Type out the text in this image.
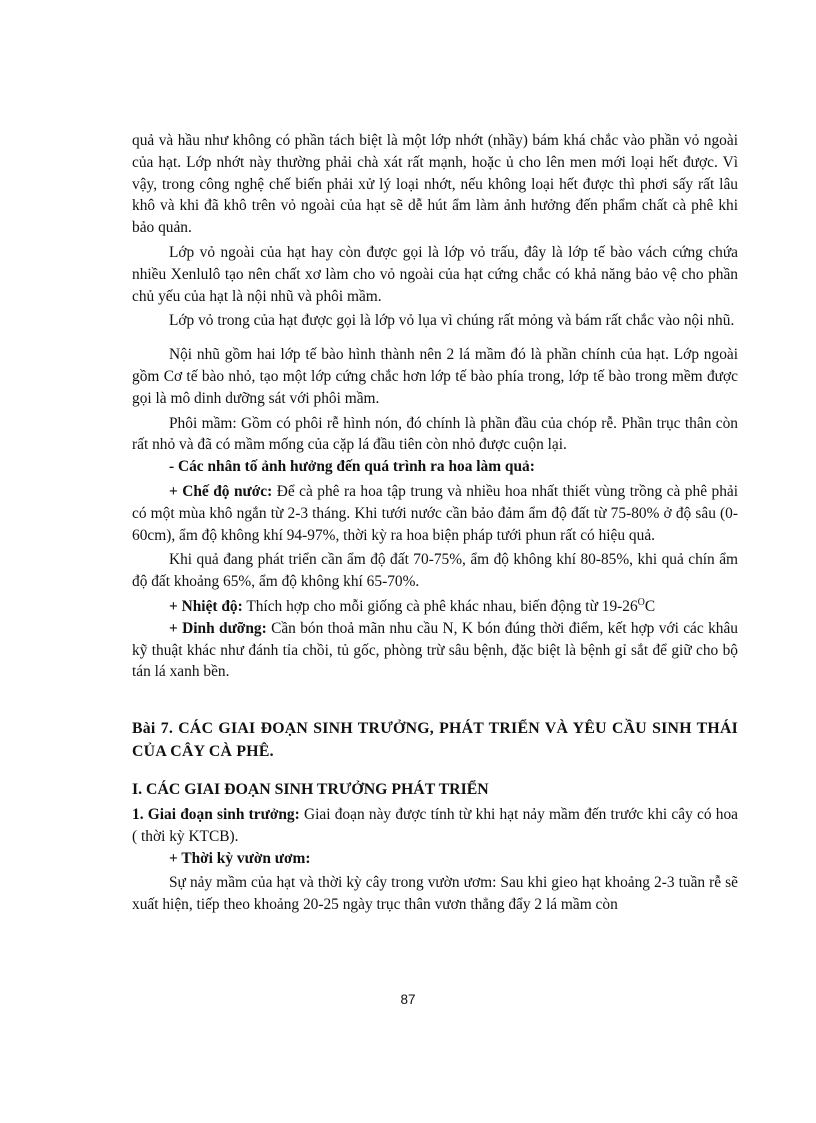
quả và hầu như không có phần tách biệt là một lớp nhớt (nhầy) bám khá chắc vào phần vỏ ngoài của hạt. Lớp nhớt này thường phải chà xát rất mạnh, hoặc ủ cho lên men mới loại hết được. Vì vậy, trong công nghệ chế biến phải xử lý loại nhớt, nếu không loại hết được thì phơi sấy rất lâu khô và khi đã khô trên vỏ ngoài của hạt sẽ dễ hút ẩm làm ảnh hưởng đến phẩm chất cà phê khi bảo quản.

Lớp vỏ ngoài của hạt hay còn được gọi là lớp vỏ trấu, đây là lớp tế bào vách cứng chứa nhiều Xenlulô tạo nên chất xơ làm cho vỏ ngoài của hạt cứng chắc có khả năng bảo vệ cho phần chủ yếu của hạt là nội nhũ và phôi mầm.

Lớp vỏ trong của hạt được gọi là lớp vỏ lụa vì chúng rất mỏng và bám rất chắc vào nội nhũ.

Nội nhũ gồm hai lớp tế bào hình thành nên 2 lá mầm đó là phần chính của hạt. Lớp ngoài gồm Cơ tế bào nhỏ, tạo một lớp cứng chắc hơn lớp tế bào phía trong, lớp tế bào trong mềm được gọi là mô dinh dưỡng sát với phôi mầm.

Phôi mầm: Gồm có phôi rễ hình nón, đó chính là phần đầu của chóp rễ. Phần trục thân còn rất nhỏ và đã có mầm mống của cặp lá đầu tiên còn nhỏ được cuộn lại.

- Các nhân tố ảnh hưởng đến quá trình ra hoa làm quả:

+ Chế độ nước: Để cà phê ra hoa tập trung và nhiều hoa nhất thiết vùng trồng cà phê phải có một mùa khô ngắn từ 2-3 tháng. Khi tưới nước cần bảo đảm ẩm độ đất từ 75-80% ở độ sâu (0-60cm), ẩm độ không khí 94-97%, thời kỳ ra hoa biện pháp tưới phun rất có hiệu quả.

Khi quả đang phát triển cần ẩm độ đất 70-75%, ẩm độ không khí 80-85%, khi quả chín ẩm độ đất khoảng 65%, ẩm độ không khí 65-70%.

+ Nhiệt độ: Thích hợp cho mỗi giống cà phê khác nhau, biến động từ $19-26^OC$

+ Dinh dưỡng: Cần bón thoả mãn nhu cầu N, K bón đúng thời điểm, kết hợp với các khâu kỹ thuật khác như đánh tỉa chồi, tủ gốc, phòng trừ sâu bệnh, đặc biệt là bệnh gỉ sắt để giữ cho bộ tán lá xanh bền.

Bài 7. CÁC GIAI ĐOẠN SINH TRƯỞNG, PHÁT TRIỂN VÀ YÊU CẦU SINH THÁI CỦA CÂY CÀ PHÊ.

I. CÁC GIAI ĐOẠN SINH TRƯỞNG PHÁT TRIỂN

1. Giai đoạn sinh trưởng: Giai đoạn này được tính từ khi hạt nảy mầm đến trước khi cây có hoa ( thời kỳ KTCB).

+ Thời kỳ vườn ươm:

Sự nảy mầm của hạt và thời kỳ cây trong vườn ươm: Sau khi gieo hạt khoảng 2-3 tuần rễ sẽ xuất hiện, tiếp theo khoảng 20-25 ngày trục thân vươn thẳng đẩy 2 lá mầm còn

87
